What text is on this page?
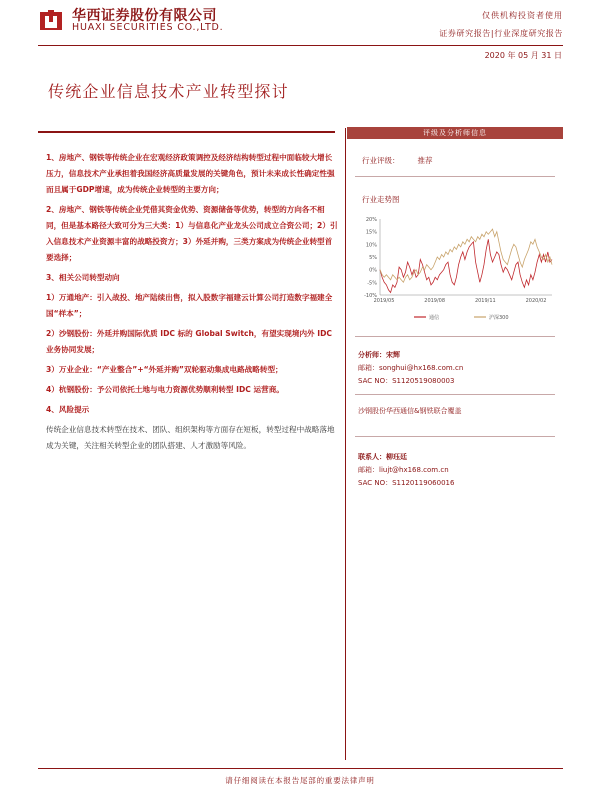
华西证券股份有限公司
HUAXI SECURITIES CO.,LTD.
仅供机构投资者使用
证券研究报告|行业深度研究报告
2020 年 05 月 31 日
传统企业信息技术产业转型探讨

1、房地产、钢铁等传统企业在宏观经济政策调控及经济结构转型过程中面临较大增长压力，信息技术产业承担着我国经济高质量发展的关键角色，预计未来成长性确定性强而且属于GDP增速，成为传统企业转型的主要方向；

2、房地产、钢铁等传统企业凭借其资金优势、资源储备等优势，转型的方向各不相同，但是基本路径大致可分为三大类：1）与信息化产业龙头公司成立合资公司；2）引入信息技术产业资源丰富的战略投资方；3）外延并购，三类方案成为传统企业转型首要选择；

3、相关公司转型动向

1）万通地产：引入战投、地产陆续出售，拟入股数字福建云计算公司打造数字福建全国“样本”；

2）沙钢股份：外延并购国际优质 IDC 标的 Global Switch，有望实现境内外 IDC 业务协同发展；

3）万业企业：“产业整合”+“外延并购”双轮驱动集成电路战略转型；

4）杭钢股份：予公司依托土地与电力资源优势顺利转型 IDC 运营商。

4、风险提示

传统企业信息技术转型在技术、团队、组织架构等方面存在短板，转型过程中战略落地成为关键，关注相关转型企业的团队搭建、人才激励等风险。

评级及分析师信息
行业评级： 推荐
行业走势图
20%
15%
10%
5%
0%
-5%
-10%
2019/05	2019/08	2019/11	2020/02
通信	沪深300
分析师：宋辉
邮箱：songhui@hx168.com.cn
SAC NO：S1120519080003
沙钢股份华西通信&钢铁联合覆盖
联系人：柳珏廷
邮箱：liujt@hx168.com.cn
SAC NO：S1120119060016
请仔细阅读在本报告尾部的重要法律声明
